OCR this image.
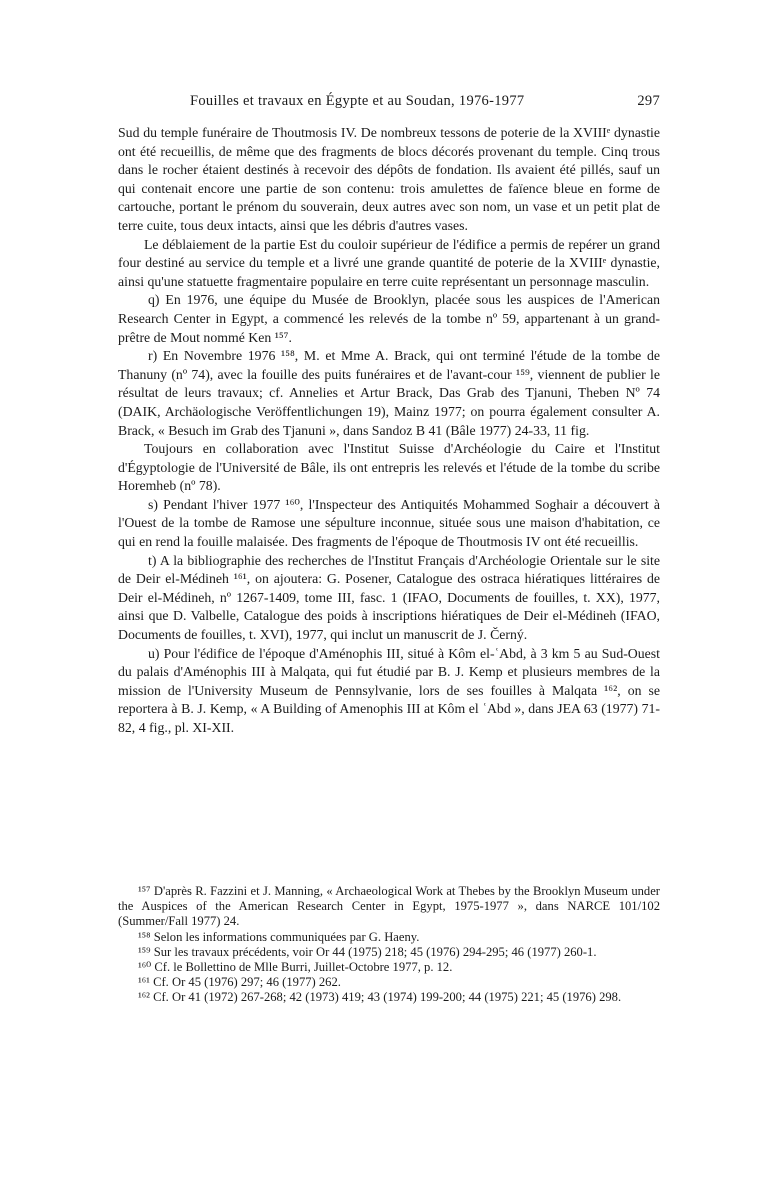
Fouilles et travaux en Égypte et au Soudan, 1976-1977	297

Sud du temple funéraire de Thoutmosis IV. De nombreux tessons de poterie de la XVIIIᵉ dynastie ont été recueillis, de même que des fragments de blocs décorés provenant du temple. Cinq trous dans le rocher étaient destinés à recevoir des dépôts de fondation. Ils avaient été pillés, sauf un qui contenait encore une partie de son contenu: trois amulettes de faïence bleue en forme de cartouche, portant le prénom du souverain, deux autres avec son nom, un vase et un petit plat de terre cuite, tous deux intacts, ainsi que les débris d'autres vases.

Le déblaiement de la partie Est du couloir supérieur de l'édifice a permis de repérer un grand four destiné au service du temple et a livré une grande quantité de poterie de la XVIIIᵉ dynastie, ainsi qu'une statuette fragmentaire populaire en terre cuite représentant un personnage masculin.

q) En 1976, une équipe du Musée de Brooklyn, placée sous les auspices de l'American Research Center in Egypt, a commencé les relevés de la tombe nº 59, appartenant à un grand-prêtre de Mout nommé Ken ¹⁵⁷.

r) En Novembre 1976 ¹⁵⁸, M. et Mme A. Brack, qui ont terminé l'étude de la tombe de Thanuny (nº 74), avec la fouille des puits funéraires et de l'avant-cour ¹⁵⁹, viennent de publier le résultat de leurs travaux; cf. Annelies et Artur Brack, Das Grab des Tjanuni, Theben Nº 74 (DAIK, Archäologische Veröffentlichungen 19), Mainz 1977; on pourra également consulter A. Brack, « Besuch im Grab des Tjanuni », dans Sandoz B 41 (Bâle 1977) 24-33, 11 fig.

Toujours en collaboration avec l'Institut Suisse d'Archéologie du Caire et l'Institut d'Égyptologie de l'Université de Bâle, ils ont entrepris les relevés et l'étude de la tombe du scribe Horemheb (nº 78).

s) Pendant l'hiver 1977 ¹⁶⁰, l'Inspecteur des Antiquités Mohammed Soghair a découvert à l'Ouest de la tombe de Ramose une sépulture inconnue, située sous une maison d'habitation, ce qui en rend la fouille malaisée. Des fragments de l'époque de Thoutmosis IV ont été recueillis.

t) A la bibliographie des recherches de l'Institut Français d'Archéologie Orientale sur le site de Deir el-Médineh ¹⁶¹, on ajoutera: G. Posener, Catalogue des ostraca hiératiques littéraires de Deir el-Médineh, nº 1267-1409, tome III, fasc. 1 (IFAO, Documents de fouilles, t. XX), 1977, ainsi que D. Valbelle, Catalogue des poids à inscriptions hiératiques de Deir el-Médineh (IFAO, Documents de fouilles, t. XVI), 1977, qui inclut un manuscrit de J. Černý.

u) Pour l'édifice de l'époque d'Aménophis III, situé à Kôm el-ʿAbd, à 3 km 5 au Sud-Ouest du palais d'Aménophis III à Malqata, qui fut étudié par B. J. Kemp et plusieurs membres de la mission de l'University Museum de Pennsylvanie, lors de ses fouilles à Malqata ¹⁶², on se reportera à B. J. Kemp, « A Building of Amenophis III at Kôm el ʿAbd », dans JEA 63 (1977) 71-82, 4 fig., pl. XI-XII.

¹⁵⁷ D'après R. Fazzini et J. Manning, « Archaeological Work at Thebes by the Brooklyn Museum under the Auspices of the American Research Center in Egypt, 1975-1977 », dans NARCE 101/102 (Summer/Fall 1977) 24.

¹⁵⁸ Selon les informations communiquées par G. Haeny.

¹⁵⁹ Sur les travaux précédents, voir Or 44 (1975) 218; 45 (1976) 294-295; 46 (1977) 260-1.

¹⁶⁰ Cf. le Bollettino de Mlle Burri, Juillet-Octobre 1977, p. 12.

¹⁶¹ Cf. Or 45 (1976) 297; 46 (1977) 262.

¹⁶² Cf. Or 41 (1972) 267-268; 42 (1973) 419; 43 (1974) 199-200; 44 (1975) 221; 45 (1976) 298.
